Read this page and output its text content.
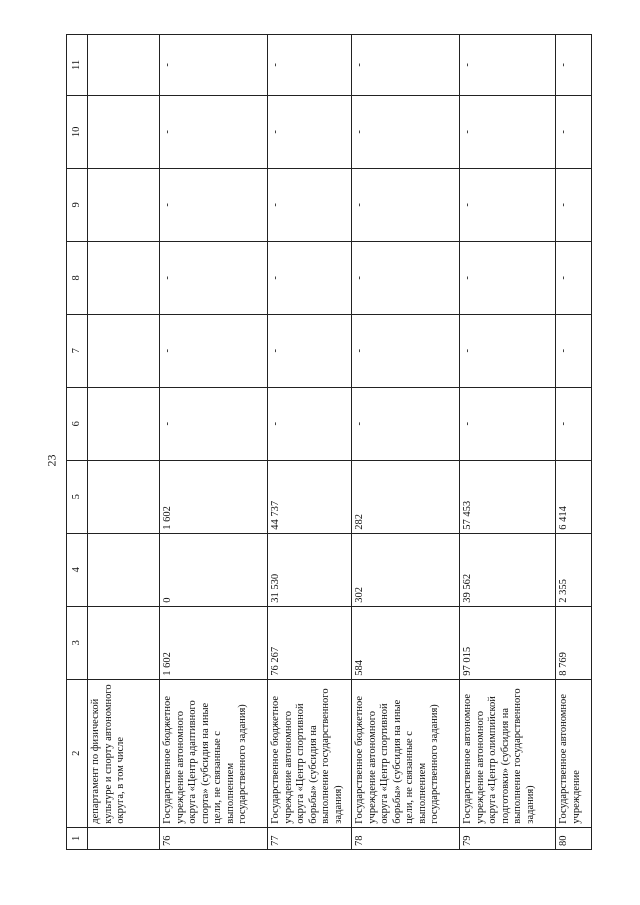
23
1	2	3	4	5	6	7	8	9	10	11
	департамент по физической культуре и спорту автономного округа, в том числе									
76	Государственное бюджетное учреждение автономного округа «Центр адаптивного спорта» (субсидия на иные цели, не связанные с выполнением государственного задания)	1 602	0	1 602	-	-	-	-	-	-
77	Государственное бюджетное учреждение автономного округа «Центр спортивной борьбы» (субсидия на выполнение государственного задания)	76 267	31 530	44 737	-	-	-	-	-	-
78	Государственное бюджетное учреждение автономного округа «Центр спортивной борьбы» (субсидия на иные цели, не связанные с выполнением государственного задания)	584	302	282	-	-	-	-	-	-
79	Государственное автономное учреждение автономного округа «Центр олимпийской подготовки» (субсидия на выполнение государственного задания)	97 015	39 562	57 453	-	-	-	-	-	-
80	Государственное автономное учреждение	8 769	2 355	6 414	-	-	-	-	-	-
